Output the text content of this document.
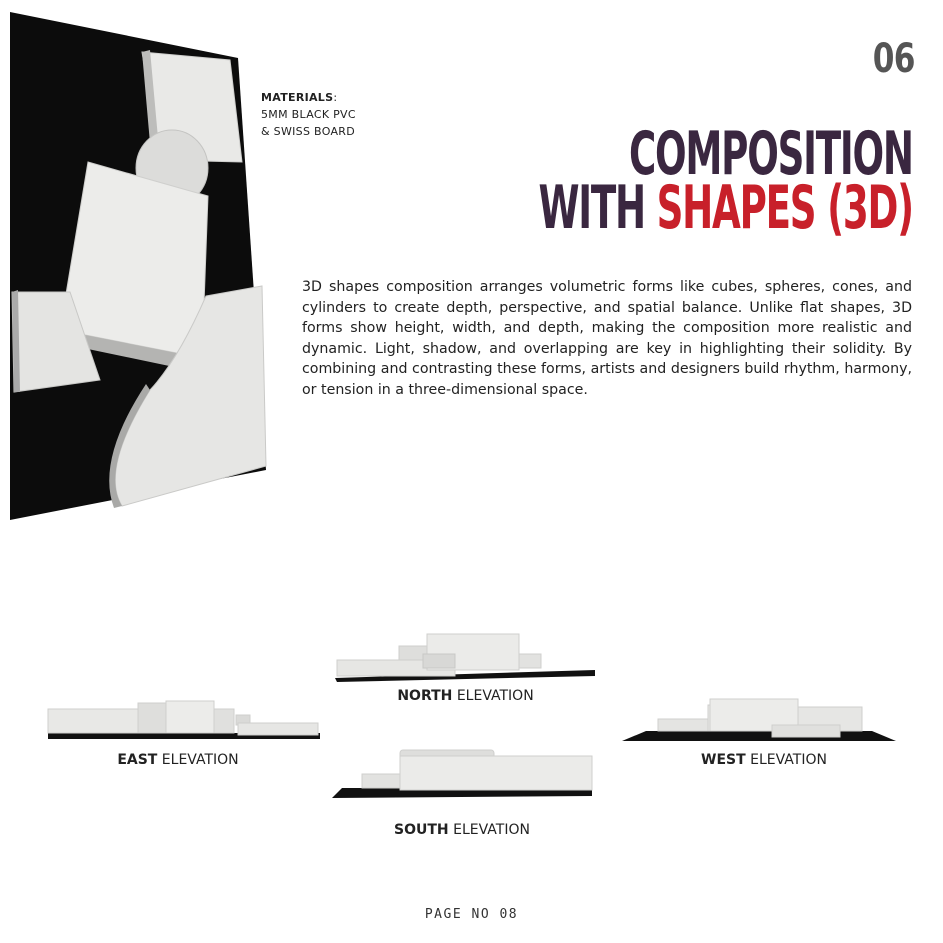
MATERIALS:
5MM BLACK PVC
& SWISS BOARD
06
COMPOSITION
WITH SHAPES (3D)
3D shapes composition arranges volumetric forms like cubes, spheres, cones, and cylinders to create depth, perspective, and spatial balance. Unlike flat shapes, 3D forms show height, width, and depth, making the composition more realistic and dynamic. Light, shadow, and overlapping are key in highlighting their solidity. By combining and contrasting these forms, artists and designers build rhythm, harmony, or tension in a three-dimensional space.
NORTH ELEVATION
EAST ELEVATION	WEST ELEVATION
SOUTH ELEVATION
PAGE NO 08
